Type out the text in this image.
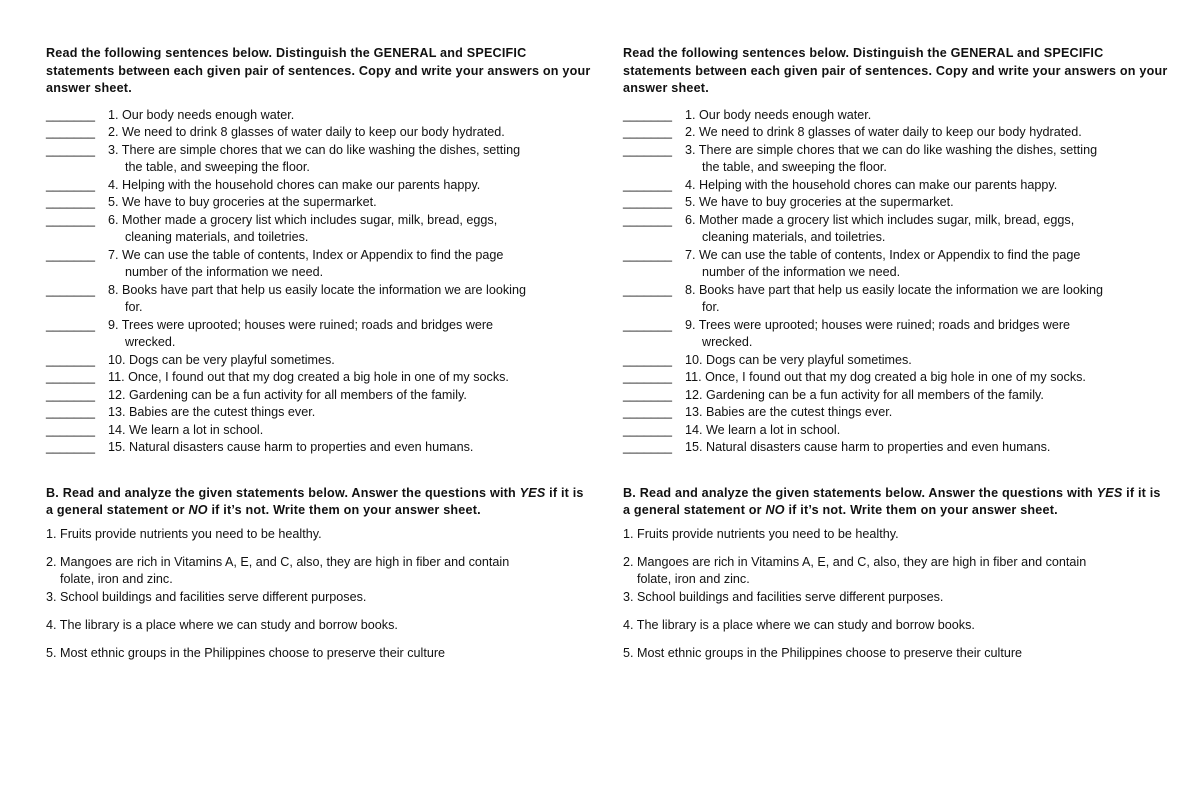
Read the following sentences below. Distinguish the GENERAL and SPECIFIC statements between each given pair of sentences. Copy and write your answers on your answer sheet.

_______ 1. Our body needs enough water.
_______ 2. We need to drink 8 glasses of water daily to keep our body hydrated.
_______ 3. There are simple chores that we can do like washing the dishes, setting
the table, and sweeping the floor.
_______ 4. Helping with the household chores can make our parents happy.
_______ 5. We have to buy groceries at the supermarket.
_______ 6. Mother made a grocery list which includes sugar, milk, bread, eggs,
cleaning materials, and toiletries.
_______ 7. We can use the table of contents, Index or Appendix to find the page
number of the information we need.
_______ 8. Books have part that help us easily locate the information we are looking
for.
_______ 9. Trees were uprooted; houses were ruined; roads and bridges were
wrecked.
_______ 10. Dogs can be very playful sometimes.
_______ 11. Once, I found out that my dog created a big hole in one of my socks.
_______ 12. Gardening can be a fun activity for all members of the family.
_______ 13. Babies are the cutest things ever.
_______ 14. We learn a lot in school.
_______ 15. Natural disasters cause harm to properties and even humans.

B. Read and analyze the given statements below. Answer the questions with YES if it is a general statement or NO if it’s not. Write them on your answer sheet.

1. Fruits provide nutrients you need to be healthy.
2. Mangoes are rich in Vitamins A, E, and C, also, they are high in fiber and contain
folate, iron and zinc.
3. School buildings and facilities serve different purposes.
4. The library is a place where we can study and borrow books.
5. Most ethnic groups in the Philippines choose to preserve their culture

Read the following sentences below. Distinguish the GENERAL and SPECIFIC statements between each given pair of sentences. Copy and write your answers on your answer sheet.

_______ 1. Our body needs enough water.
_______ 2. We need to drink 8 glasses of water daily to keep our body hydrated.
_______ 3. There are simple chores that we can do like washing the dishes, setting
the table, and sweeping the floor.
_______ 4. Helping with the household chores can make our parents happy.
_______ 5. We have to buy groceries at the supermarket.
_______ 6. Mother made a grocery list which includes sugar, milk, bread, eggs,
cleaning materials, and toiletries.
_______ 7. We can use the table of contents, Index or Appendix to find the page
number of the information we need.
_______ 8. Books have part that help us easily locate the information we are looking
for.
_______ 9. Trees were uprooted; houses were ruined; roads and bridges were
wrecked.
_______ 10. Dogs can be very playful sometimes.
_______ 11. Once, I found out that my dog created a big hole in one of my socks.
_______ 12. Gardening can be a fun activity for all members of the family.
_______ 13. Babies are the cutest things ever.
_______ 14. We learn a lot in school.
_______ 15. Natural disasters cause harm to properties and even humans.

B. Read and analyze the given statements below. Answer the questions with YES if it is a general statement or NO if it’s not. Write them on your answer sheet.

1. Fruits provide nutrients you need to be healthy.
2. Mangoes are rich in Vitamins A, E, and C, also, they are high in fiber and contain
folate, iron and zinc.
3. School buildings and facilities serve different purposes.
4. The library is a place where we can study and borrow books.
5. Most ethnic groups in the Philippines choose to preserve their culture
